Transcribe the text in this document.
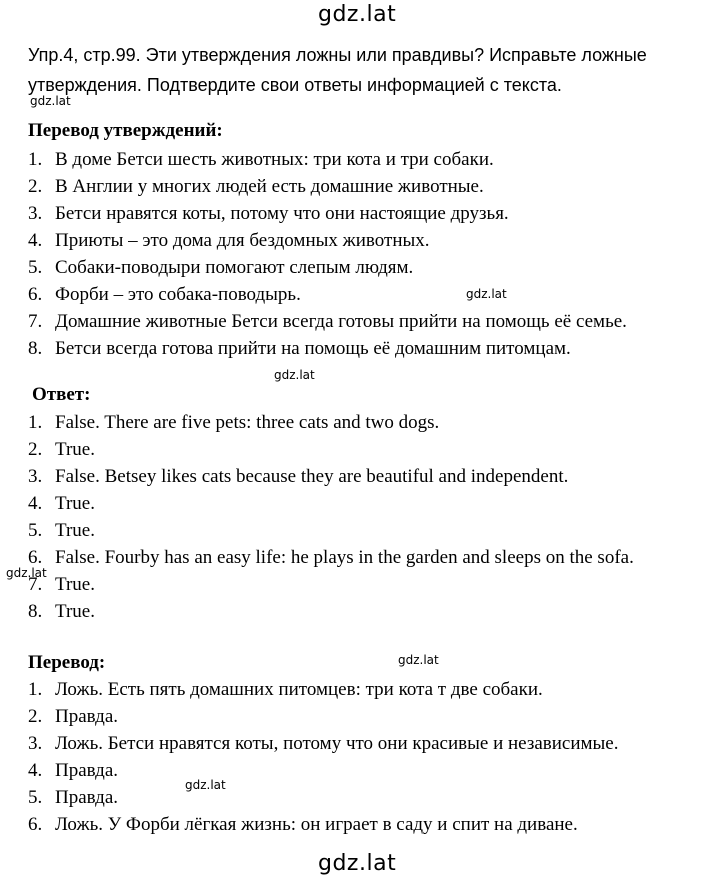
gdz.lat
Упр.4, стр.99. Эти утверждения ложны или правдивы? Исправьте ложные утверждения. Подтвердите свои ответы информацией с текста.
Перевод утверждений:
1. В доме Бетси шесть животных: три кота и три собаки.
2. В Англии у многих людей есть домашние животные.
3. Бетси нравятся коты, потому что они настоящие друзья.
4. Приюты – это дома для бездомных животных.
5. Собаки-поводыри помогают слепым людям.
6. Форби – это собака-поводырь.
7. Домашние животные Бетси всегда готовы прийти на помощь её семье.
8. Бетси всегда готова прийти на помощь её домашним питомцам.
Ответ:
1. False. There are five pets: three cats and two dogs.
2. True.
3. False. Betsey likes cats because they are beautiful and independent.
4. True.
5. True.
6. False. Fourby has an easy life: he plays in the garden and sleeps on the sofa.
7. True.
8. True.
Перевод:
1. Ложь. Есть пять домашних питомцев: три кота т две собаки.
2. Правда.
3. Ложь. Бетси нравятся коты, потому что они красивые и независимые.
4. Правда.
5. Правда.
6. Ложь. У Форби лёгкая жизнь: он играет в саду и спит на диване.
gdz.lat
gdz.lat
gdz.lat
gdz.lat
gdz.lat
gdz.lat
gdz.lat
